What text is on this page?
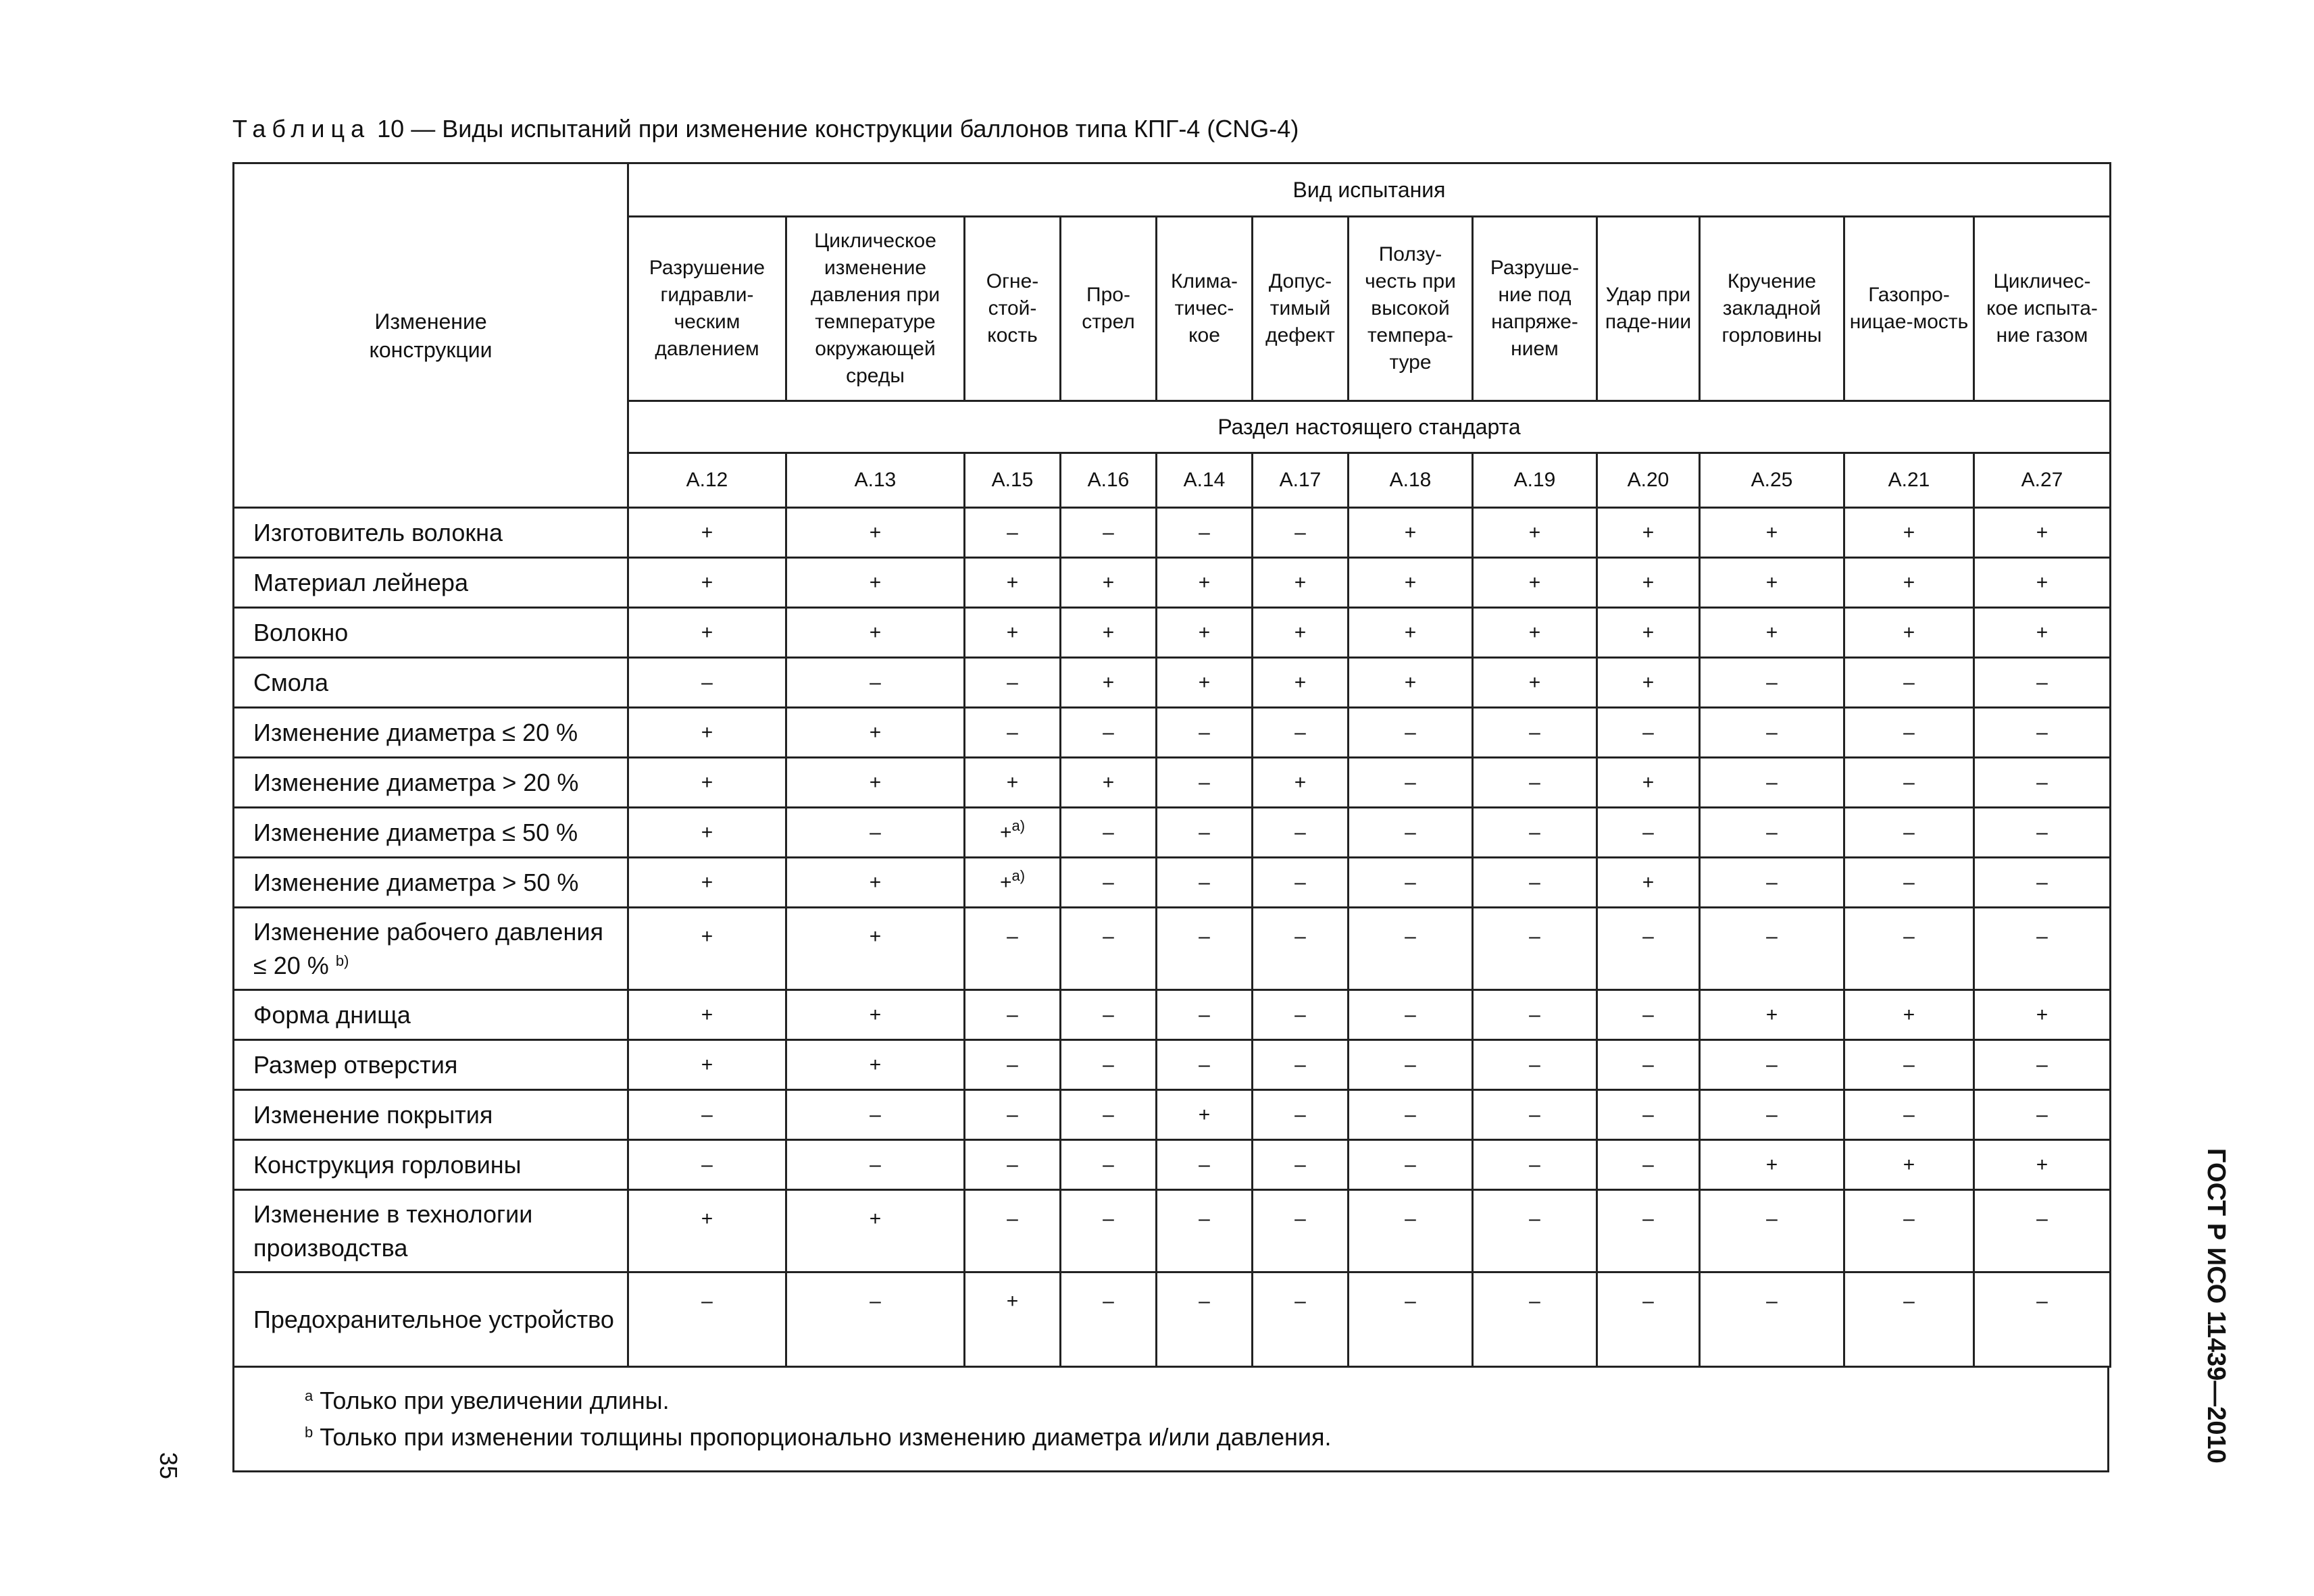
Таблица 10 — Виды испытаний при изменение конструкции баллонов типа КПГ-4 (CNG-4)
Изменение конструкции	Вид испытания											
	Разрушение гидравли-ческим давлением	Циклическое изменение давления при температуре окружающей среды	Огне-стой-кость	Про-стрел	Клима-тичес-кое	Допус-тимый дефект	Ползу-честь при высокой темпера-туре	Разруше-ние под напряже-нием	Удар при паде-нии	Кручение закладной горловины	Газопро-ницае-мость	Цикличес-кое испыта-ние газом
	Раздел настоящего стандарта											
	A.12	A.13	A.15	A.16	A.14	A.17	A.18	A.19	A.20	A.25	A.21	A.27
Изготовитель волокна	+	+	–	–	–	–	+	+	+	+	+	+
Материал лейнера	+	+	+	+	+	+	+	+	+	+	+	+
Волокно	+	+	+	+	+	+	+	+	+	+	+	+
Смола	–	–	–	+	+	+	+	+	+	–	–	–
Изменение диаметра ≤ 20 %	+	+	–	–	–	–	–	–	–	–	–	–
Изменение диаметра > 20 %	+	+	+	+	–	+	–	–	+	–	–	–
Изменение диаметра ≤ 50 %	+	–	+$^{a)}$	–	–	–	–	–	–	–	–	–
Изменение диаметра > 50 %	+	+	+$^{a)}$	–	–	–	–	–	+	–	–	–
Изменение рабочего давления ≤ 20 % $^{b)}$	+	+	–	–	–	–	–	–	–	–	–	–
Форма днища	+	+	–	–	–	–	–	–	–	+	+	+
Размер отверстия	+	+	–	–	–	–	–	–	–	–	–	–
Изменение покрытия	–	–	–	–	+	–	–	–	–	–	–	–
Конструкция горловины	–	–	–	–	–	–	–	–	–	+	+	+
Изменение в технологии производства	+	+	–	–	–	–	–	–	–	–	–	–
Предохранительное устройство	–	–	+	–	–	–	–	–	–	–	–	–
$^a$ Только при увеличении длины.
$^b$ Только при изменении толщины пропорционально изменению диаметра и/или давления.	ГОСТ Р ИСО 11439—2010
35
